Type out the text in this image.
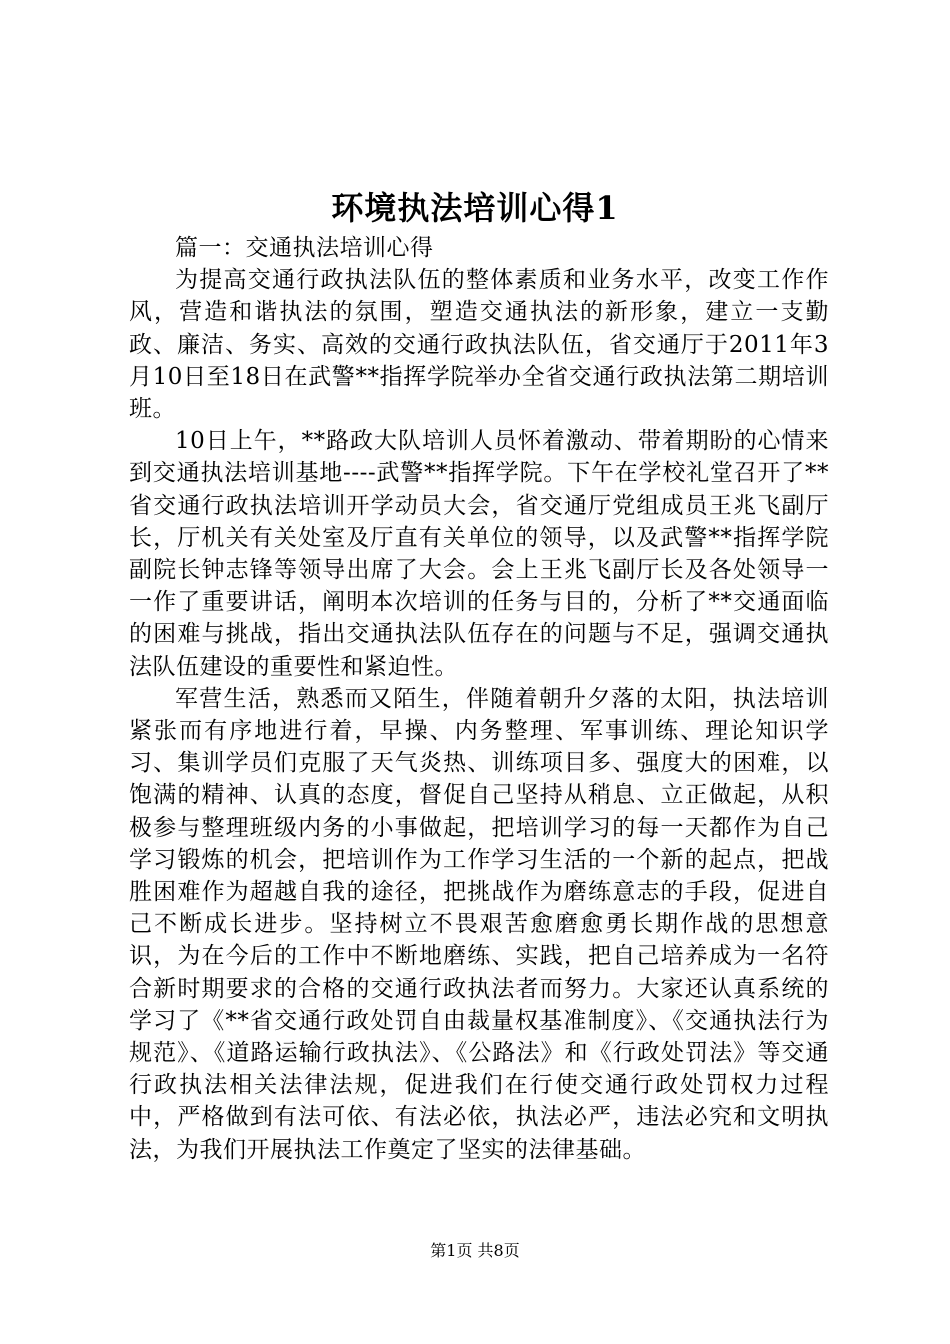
环境执法培训心得1

篇一：交通执法培训心得

为提高交通行政执法队伍的整体素质和业务水平，改变工作作风，营造和谐执法的氛围，塑造交通执法的新形象，建立一支勤政、廉洁、务实、高效的交通行政执法队伍，省交通厅于2011年3月10日至18日在武警**指挥学院举办全省交通行政执法第二期培训班。

10日上午，**路政大队培训人员怀着激动、带着期盼的心情来到交通执法培训基地----武警**指挥学院。下午在学校礼堂召开了**省交通行政执法培训开学动员大会，省交通厅党组成员王兆飞副厅长，厅机关有关处室及厅直有关单位的领导，以及武警**指挥学院副院长钟志锋等领导出席了大会。会上王兆飞副厅长及各处领导一一作了重要讲话，阐明本次培训的任务与目的，分析了**交通面临的困难与挑战，指出交通执法队伍存在的问题与不足，强调交通执法队伍建设的重要性和紧迫性。

军营生活，熟悉而又陌生，伴随着朝升夕落的太阳，执法培训紧张而有序地进行着，早操、内务整理、军事训练、理论知识学习、集训学员们克服了天气炎热、训练项目多、强度大的困难，以饱满的精神、认真的态度，督促自己坚持从稍息、立正做起，从积极参与整理班级内务的小事做起，把培训学习的每一天都作为自己学习锻炼的机会，把培训作为工作学习生活的一个新的起点，把战胜困难作为超越自我的途径，把挑战作为磨练意志的手段，促进自己不断成长进步。坚持树立不畏艰苦愈磨愈勇长期作战的思想意识，为在今后的工作中不断地磨练、实践，把自己培养成为一名符合新时期要求的合格的交通行政执法者而努力。大家还认真系统的学习了《**省交通行政处罚自由裁量权基准制度》、《交通执法行为规范》、《道路运输行政执法》、《公路法》和《行政处罚法》等交通行政执法相关法律法规，促进我们在行使交通行政处罚权力过程中，严格做到有法可依、有法必依，执法必严，违法必究和文明执法，为我们开展执法工作奠定了坚实的法律基础。

第1页 共8页
